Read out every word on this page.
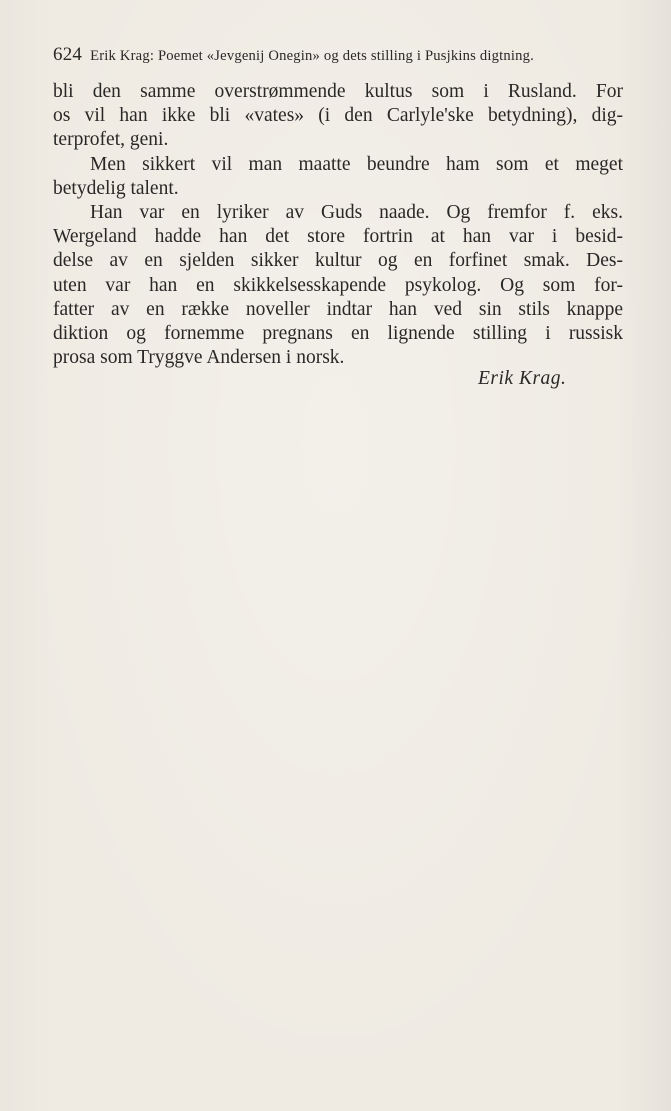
624 Erik Krag: Poemet «Jevgenij Onegin» og dets stilling i Pusjkins digtning.
bli den samme overstrømmende kultus som i Rusland. For
os vil han ikke bli «vates» (i den Carlyle'ske betydning), dig-
terprofet, geni.
Men sikkert vil man maatte beundre ham som et meget
betydelig talent.
Han var en lyriker av Guds naade. Og fremfor f. eks.
Wergeland hadde han det store fortrin at han var i besid-
delse av en sjelden sikker kultur og en forfinet smak. Des-
uten var han en skikkelsesskapende psykolog. Og som for-
fatter av en række noveller indtar han ved sin stils knappe
diktion og fornemme pregnans en lignende stilling i russisk
prosa som Tryggve Andersen i norsk.
Erik Krag.
